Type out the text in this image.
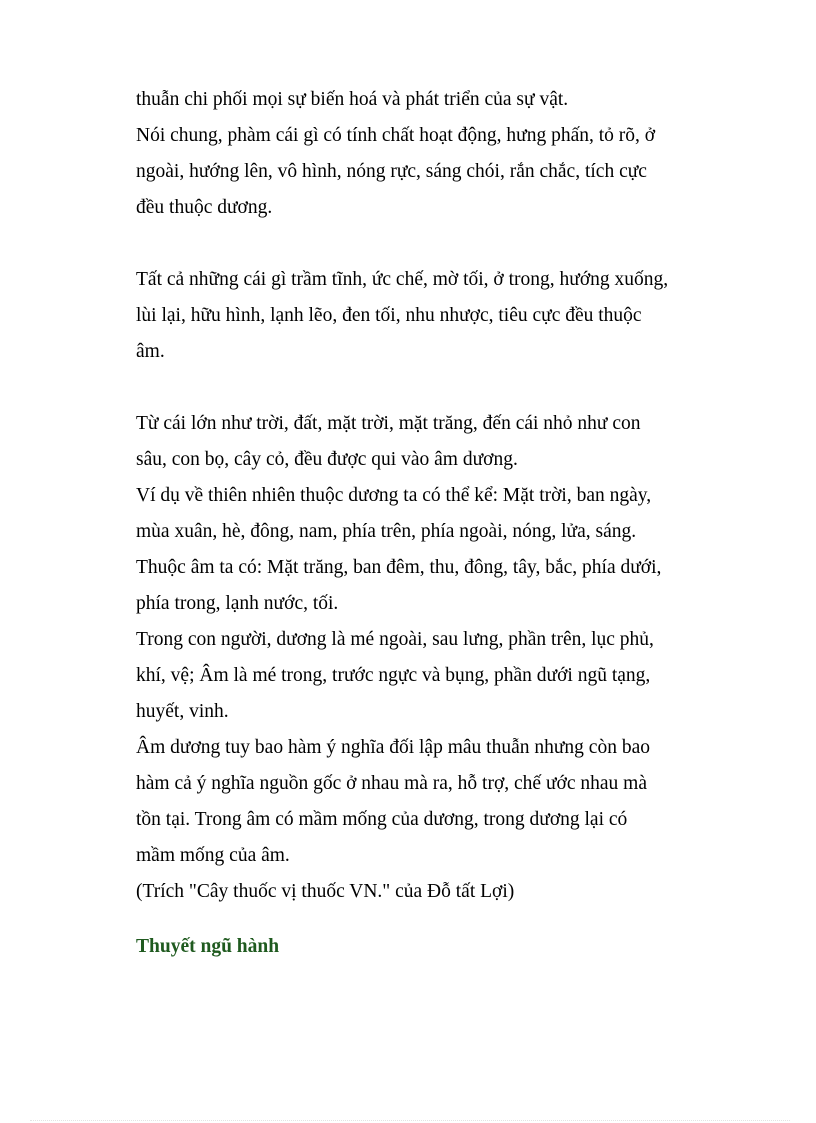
thuẫn chi phối mọi sự biến hoá và phát triển của sự vật.
Nói chung, phàm cái gì có tính chất hoạt động, hưng phấn, tỏ rõ, ở
ngoài, hướng lên, vô hình, nóng rực, sáng chói, rắn chắc, tích cực
đều thuộc dương.
Tất cả những cái gì trầm tĩnh, ức chế, mờ tối, ở trong, hướng xuống,
lùi lại, hữu hình, lạnh lẽo, đen tối, nhu nhược, tiêu cực đều thuộc
âm.
Từ cái lớn như trời, đất, mặt trời, mặt trăng, đến cái nhỏ như con
sâu, con bọ, cây cỏ, đều được qui vào âm dương.
Ví dụ về thiên nhiên thuộc dương ta có thể kể: Mặt trời, ban ngày,
mùa xuân, hè, đông, nam, phía trên, phía ngoài, nóng, lửa, sáng.
Thuộc âm ta có: Mặt trăng, ban đêm, thu, đông, tây, bắc, phía dưới,
phía trong, lạnh nước, tối.
Trong con người, dương là mé ngoài, sau lưng, phần trên, lục phủ,
khí, vệ; Âm là mé trong, trước ngực và bụng, phần dưới ngũ tạng,
huyết, vinh.
Âm dương tuy bao hàm ý nghĩa đối lập mâu thuẫn nhưng còn bao
hàm cả ý nghĩa nguồn gốc ở nhau mà ra, hỗ trợ, chế ước nhau mà
tồn tại. Trong âm có mầm mống của dương, trong dương lại có
mầm mống của âm.
(Trích "Cây thuốc vị thuốc VN." của Đỗ tất Lợi)
Thuyết ngũ hành
